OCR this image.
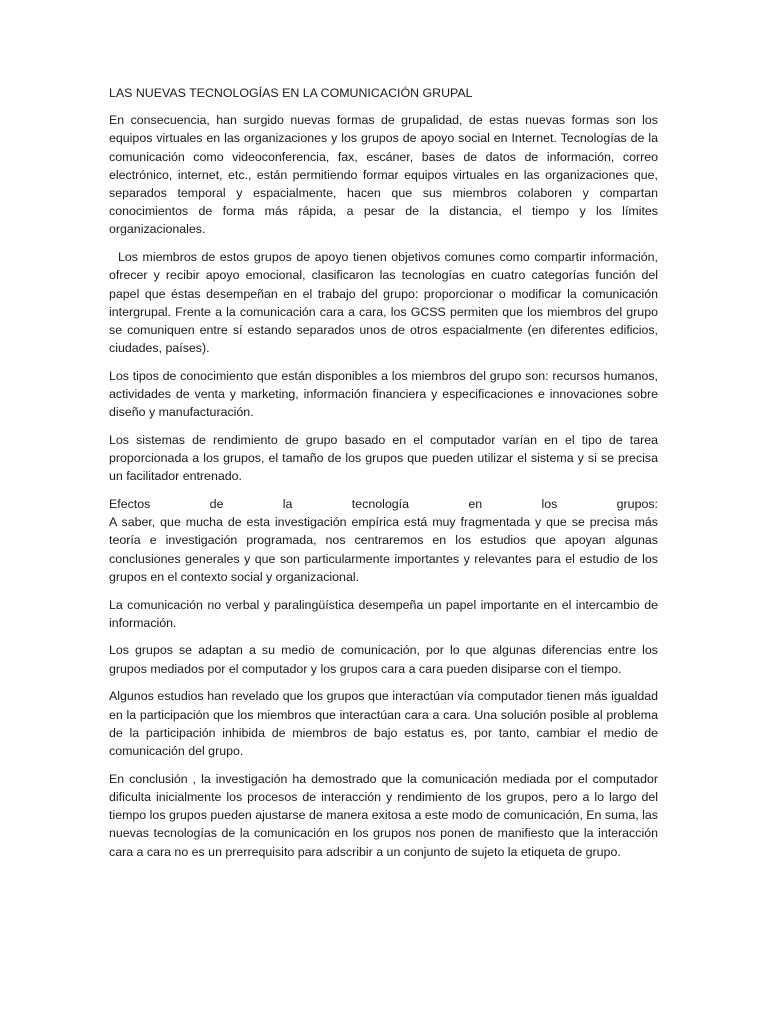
LAS NUEVAS TECNOLOGÍAS EN LA COMUNICACIÓN GRUPAL

En consecuencia, han surgido nuevas formas de grupalidad, de estas nuevas formas son los equipos virtuales en las organizaciones y los grupos de apoyo social en Internet. Tecnologías de la comunicación como videoconferencia, fax, escáner, bases de datos de información, correo electrónico, internet, etc., están permitiendo formar equipos virtuales en las organizaciones que, separados temporal y espacialmente, hacen que sus miembros colaboren y compartan conocimientos de forma más rápida, a pesar de la distancia, el tiempo y los límites organizacionales.

Los miembros de estos grupos de apoyo tienen objetivos comunes como compartir información, ofrecer y recibir apoyo emocional, clasificaron las tecnologías en cuatro categorías función del papel que éstas desempeñan en el trabajo del grupo: proporcionar o modificar la comunicación intergrupal. Frente a la comunicación cara a cara, los GCSS permiten que los miembros del grupo se comuniquen entre sí estando separados unos de otros espacialmente (en diferentes edificios, ciudades, países).

Los tipos de conocimiento que están disponibles a los miembros del grupo son: recursos humanos, actividades de venta y marketing, información financiera y especificaciones e innovaciones sobre diseño y manufacturación.

Los sistemas de rendimiento de grupo basado en el computador varían en el tipo de tarea proporcionada a los grupos, el tamaño de los grupos que pueden utilizar el sistema y si se precisa un facilitador entrenado.

Efectos de la tecnología en los grupos:
A saber, que mucha de esta investigación empírica está muy fragmentada y que se precisa más teoría e investigación programada, nos centraremos en los estudios que apoyan algunas conclusiones generales y que son particularmente importantes y relevantes para el estudio de los grupos en el contexto social y organizacional.

La comunicación no verbal y paralingüística desempeña un papel importante en el intercambio de información.

Los grupos se adaptan a su medio de comunicación, por lo que algunas diferencias entre los grupos mediados por el computador y los grupos cara a cara pueden disiparse con el tiempo.

Algunos estudios han revelado que los grupos que interactúan vía computador tienen más igualdad en la participación que los miembros que interactúan cara a cara. Una solución posible al problema de la participación inhibida de miembros de bajo estatus es, por tanto, cambiar el medio de comunicación del grupo.

En conclusión , la investigación ha demostrado que la comunicación mediada por el computador dificulta inicialmente los procesos de interacción y rendimiento de los grupos, pero a lo largo del tiempo los grupos pueden ajustarse de manera exitosa a este modo de comunicación, En suma, las nuevas tecnologías de la comunicación en los grupos nos ponen de manifiesto que la interacción cara a cara no es un prerrequisito para adscribir a un conjunto de sujeto la etiqueta de grupo.
